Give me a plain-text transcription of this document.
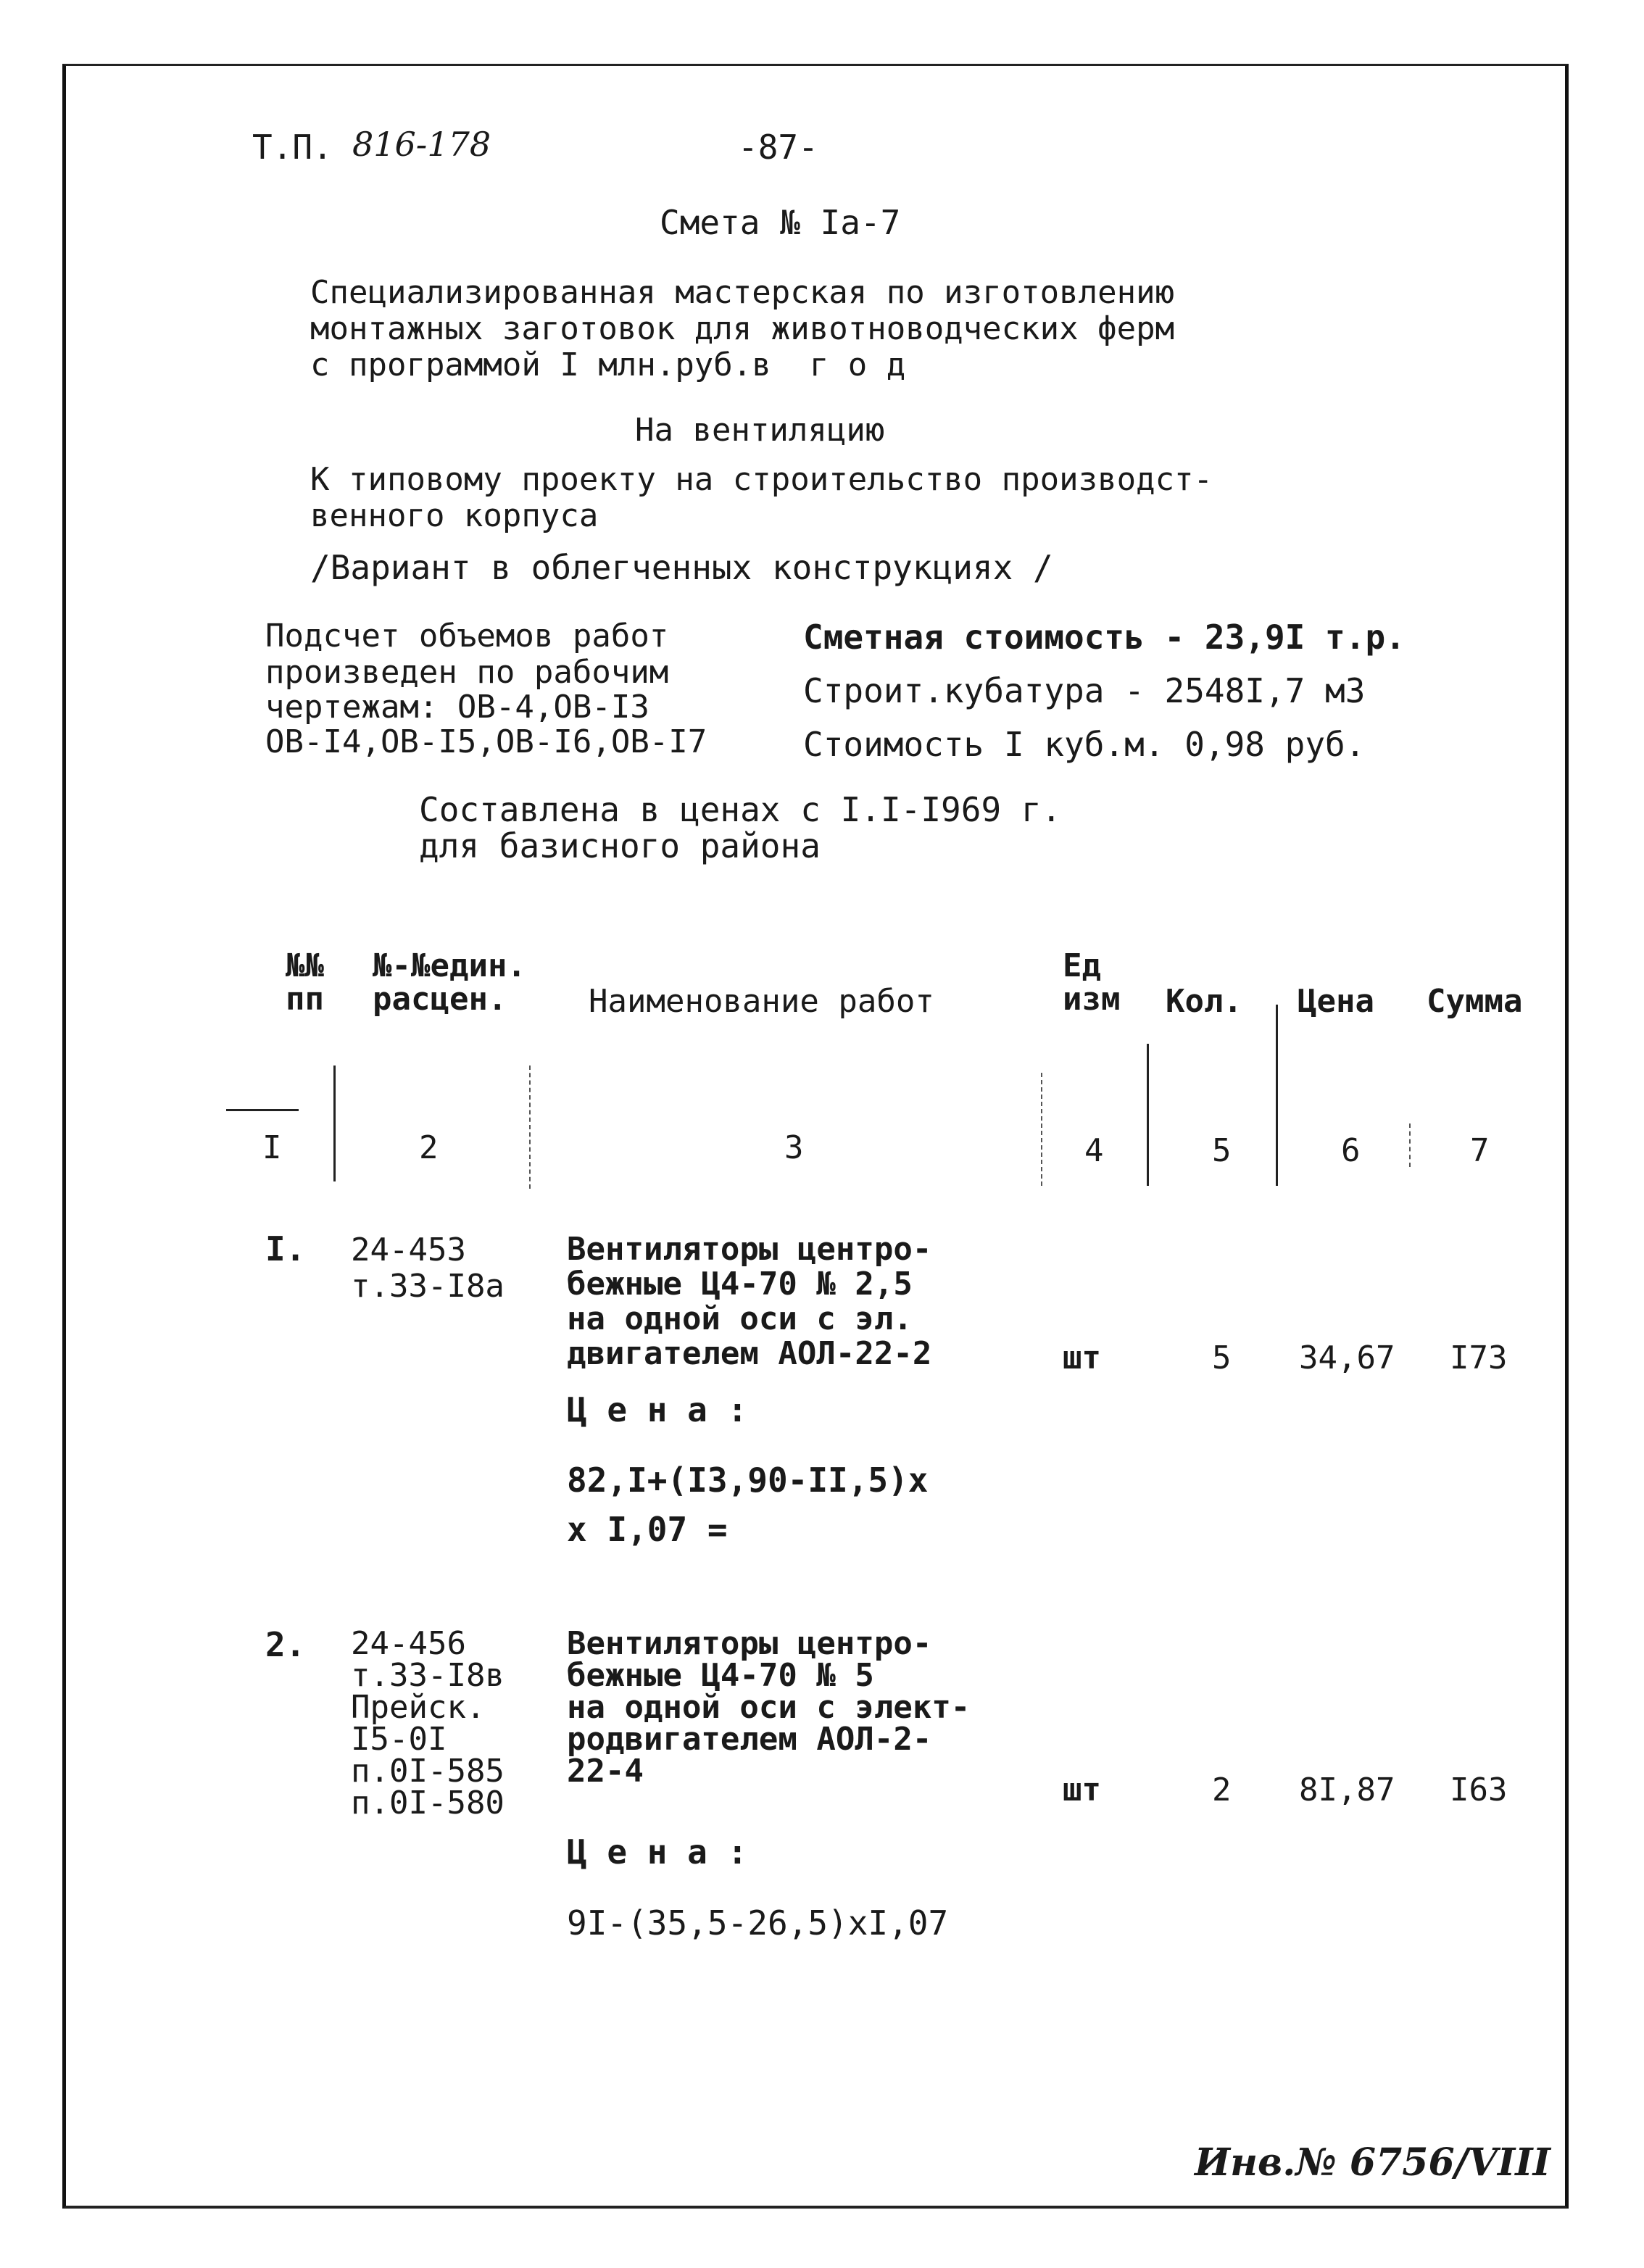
Т.П. 816-178	-87-
Смета № Iа-7
Специализированная мастерская по изготовлению
монтажных заготовок для животноводческих ферм
с программой I млн.руб.в  г о д
На вентиляцию
К типовому проекту на строительство производст-
венного корпуса
/Вариант в облегченных конструкциях /
Подсчет объемов работ
произведен по рабочим
чертежам: ОВ-4,ОВ-I3
ОВ-I4,ОВ-I5,ОВ-I6,ОВ-I7
Сметная стоимость - 23,9I т.р.
Строит.кубатура - 2548I,7 м3
Стоимость I куб.м. 0,98 руб.
Составлена в ценах с I.I-I969 г.
для базисного района
№№
пп
№-№един.
расцен.	Наименование работ
Ед
изм Кол. Цена Сумма
I	2	3	4	5	6	7
I. 24-453
т.33-I8а
Вентиляторы центро-
бежные Ц4-70 № 2,5
на одной оси с эл.
двигателем АОЛ-22-2	шт	5 34,67 I73
Ц е н а :
82,I+(I3,90-II,5)х
х I,07 =
2. 24-456
т.33-I8в
Прейск.
I5-0I
п.0I-585
п.0I-580
Вентиляторы центро-
бежные Ц4-70 № 5
на одной оси с элект-
родвигателем АОЛ-2-
22-4
шт	2 8I,87 I63
Ц е н а :
9I-(35,5-26,5)хI,07
Инв.№ 6756/VIII
